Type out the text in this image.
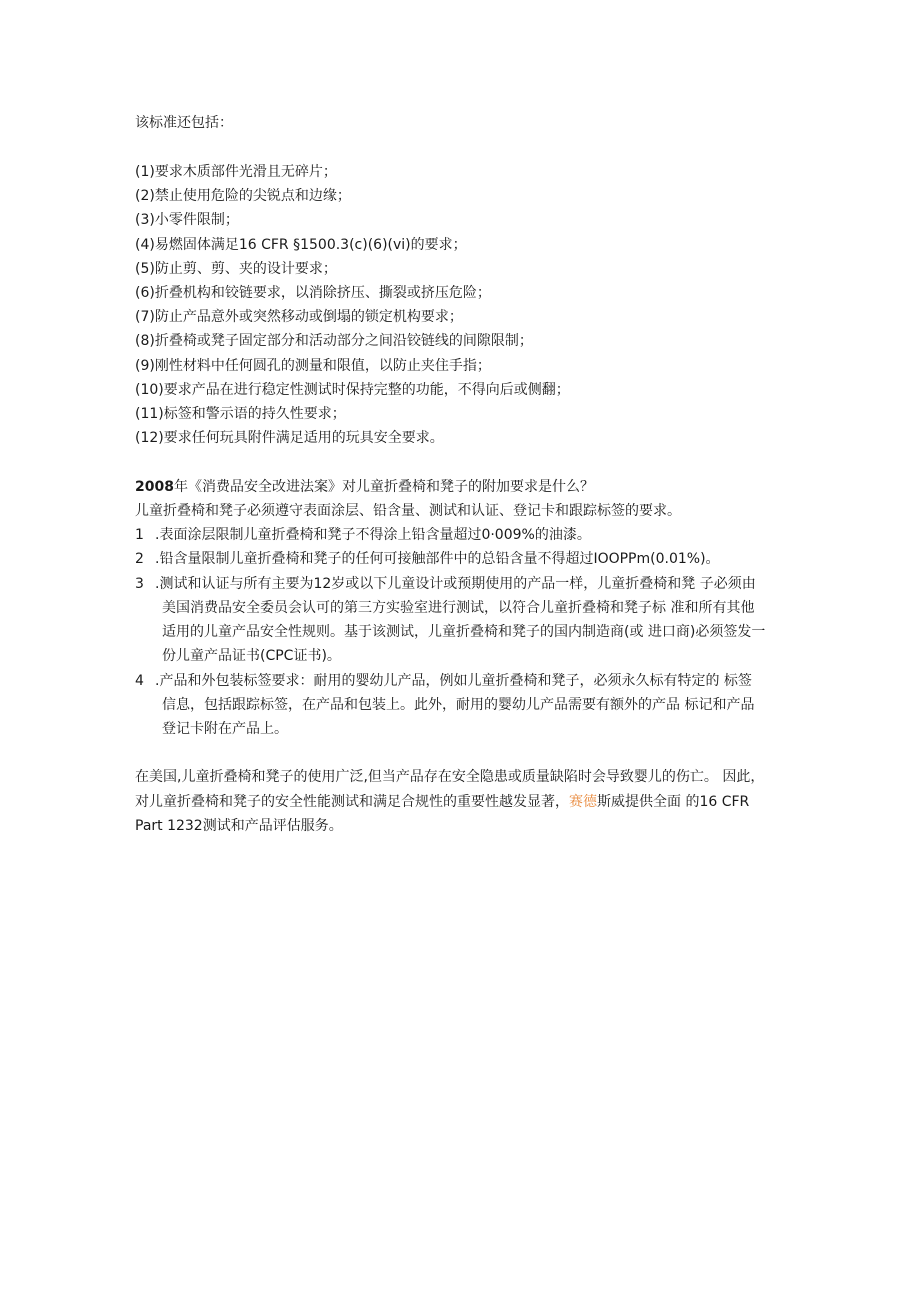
该标准还包括：
(1)要求木质部件光滑且无碎片；
(2)禁止使用危险的尖锐点和边缘；
(3)小零件限制；
(4)易燃固体满足16 CFR §1500.3(c)(6)(vi)的要求；
(5)防止剪、剪、夹的设计要求；
(6)折叠机构和铰链要求，以消除挤压、撕裂或挤压危险；
(7)防止产品意外或突然移动或倒塌的锁定机构要求；
(8)折叠椅或凳子固定部分和活动部分之间沿铰链线的间隙限制；
(9)刚性材料中任何圆孔的测量和限值，以防止夹住手指；
(10)要求产品在进行稳定性测试时保持完整的功能，不得向后或侧翻；
(11)标签和警示语的持久性要求；
(12)要求任何玩具附件满足适用的玩具安全要求。
2008年《消费品安全改进法案》对儿童折叠椅和凳子的附加要求是什么？
儿童折叠椅和凳子必须遵守表面涂层、铅含量、测试和认证、登记卡和跟踪标签的要求。
1 .表面涂层限制儿童折叠椅和凳子不得涂上铅含量超过0·009%的油漆。
2 .铅含量限制儿童折叠椅和凳子的任何可接触部件中的总铅含量不得超过IOOPPm(0.01%)。
3 .测试和认证与所有主要为12岁或以下儿童设计或预期使用的产品一样，儿童折叠椅和凳 子必须由
美国消费品安全委员会认可的第三方实验室进行测试，以符合儿童折叠椅和凳子标 准和所有其他
适用的儿童产品安全性规则。基于该测试，儿童折叠椅和凳子的国内制造商(或 进口商)必须签发一
份儿童产品证书(CPC证书)。
4 .产品和外包装标签要求：耐用的婴幼儿产品，例如儿童折叠椅和凳子，必须永久标有特定的 标签
信息，包括跟踪标签，在产品和包装上。此外，耐用的婴幼儿产品需要有额外的产品 标记和产品
登记卡附在产品上。
在美国,儿童折叠椅和凳子的使用广泛,但当产品存在安全隐患或质量缺陷时会导致婴儿的伤亡。 因此，
对儿童折叠椅和凳子的安全性能测试和满足合规性的重要性越发显著，赛德斯威提供全面 的16 CFR
Part 1232测试和产品评估服务。
